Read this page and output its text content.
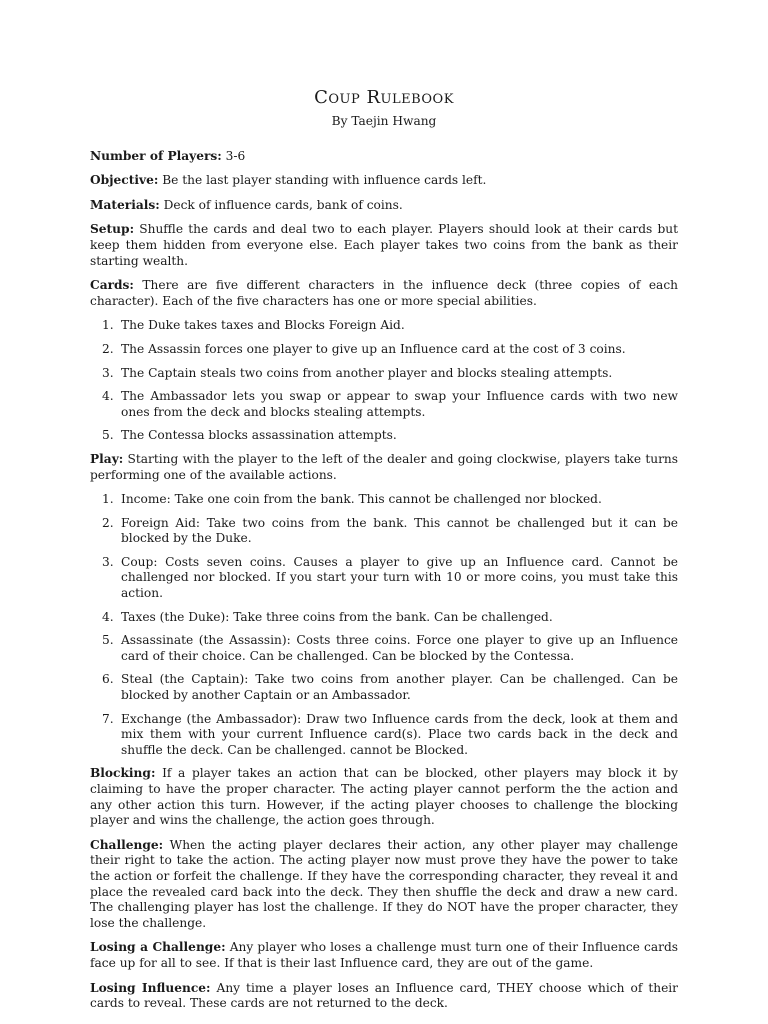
Coup Rulebook
By Taejin Hwang

Number of Players: 3-6

Objective: Be the last player standing with influence cards left.

Materials: Deck of influence cards, bank of coins.

Setup: Shuffle the cards and deal two to each player. Players should look at their cards but keep them hidden from everyone else. Each player takes two coins from the bank as their starting wealth.

Cards: There are five different characters in the influence deck (three copies of each character). Each of the five characters has one or more special abilities.

1. The Duke takes taxes and Blocks Foreign Aid.
2. The Assassin forces one player to give up an Influence card at the cost of 3 coins.
3. The Captain steals two coins from another player and blocks stealing attempts.
4. The Ambassador lets you swap or appear to swap your Influence cards with two new ones from the deck and blocks stealing attempts.
5. The Contessa blocks assassination attempts.

Play: Starting with the player to the left of the dealer and going clockwise, players take turns performing one of the available actions.

1. Income: Take one coin from the bank. This cannot be challenged nor blocked.
2. Foreign Aid: Take two coins from the bank. This cannot be challenged but it can be blocked by the Duke.
3. Coup: Costs seven coins. Causes a player to give up an Influence card. Cannot be challenged nor blocked. If you start your turn with 10 or more coins, you must take this action.
4. Taxes (the Duke): Take three coins from the bank. Can be challenged.
5. Assassinate (the Assassin): Costs three coins. Force one player to give up an Influence card of their choice. Can be challenged. Can be blocked by the Contessa.
6. Steal (the Captain): Take two coins from another player. Can be challenged. Can be blocked by another Captain or an Ambassador.
7. Exchange (the Ambassador): Draw two Influence cards from the deck, look at them and mix them with your current Influence card(s). Place two cards back in the deck and shuffle the deck. Can be challenged. cannot be Blocked.

Blocking: If a player takes an action that can be blocked, other players may block it by claiming to have the proper character. The acting player cannot perform the the action and any other action this turn. However, if the acting player chooses to challenge the blocking player and wins the challenge, the action goes through.

Challenge: When the acting player declares their action, any other player may challenge their right to take the action. The acting player now must prove they have the power to take the action or forfeit the challenge. If they have the corresponding character, they reveal it and place the revealed card back into the deck. They then shuffle the deck and draw a new card. The challenging player has lost the challenge. If they do NOT have the proper character, they lose the challenge.

Losing a Challenge: Any player who loses a challenge must turn one of their Influence cards face up for all to see. If that is their last Influence card, they are out of the game.

Losing Influence: Any time a player loses an Influence card, THEY choose which of their cards to reveal. These cards are not returned to the deck.
